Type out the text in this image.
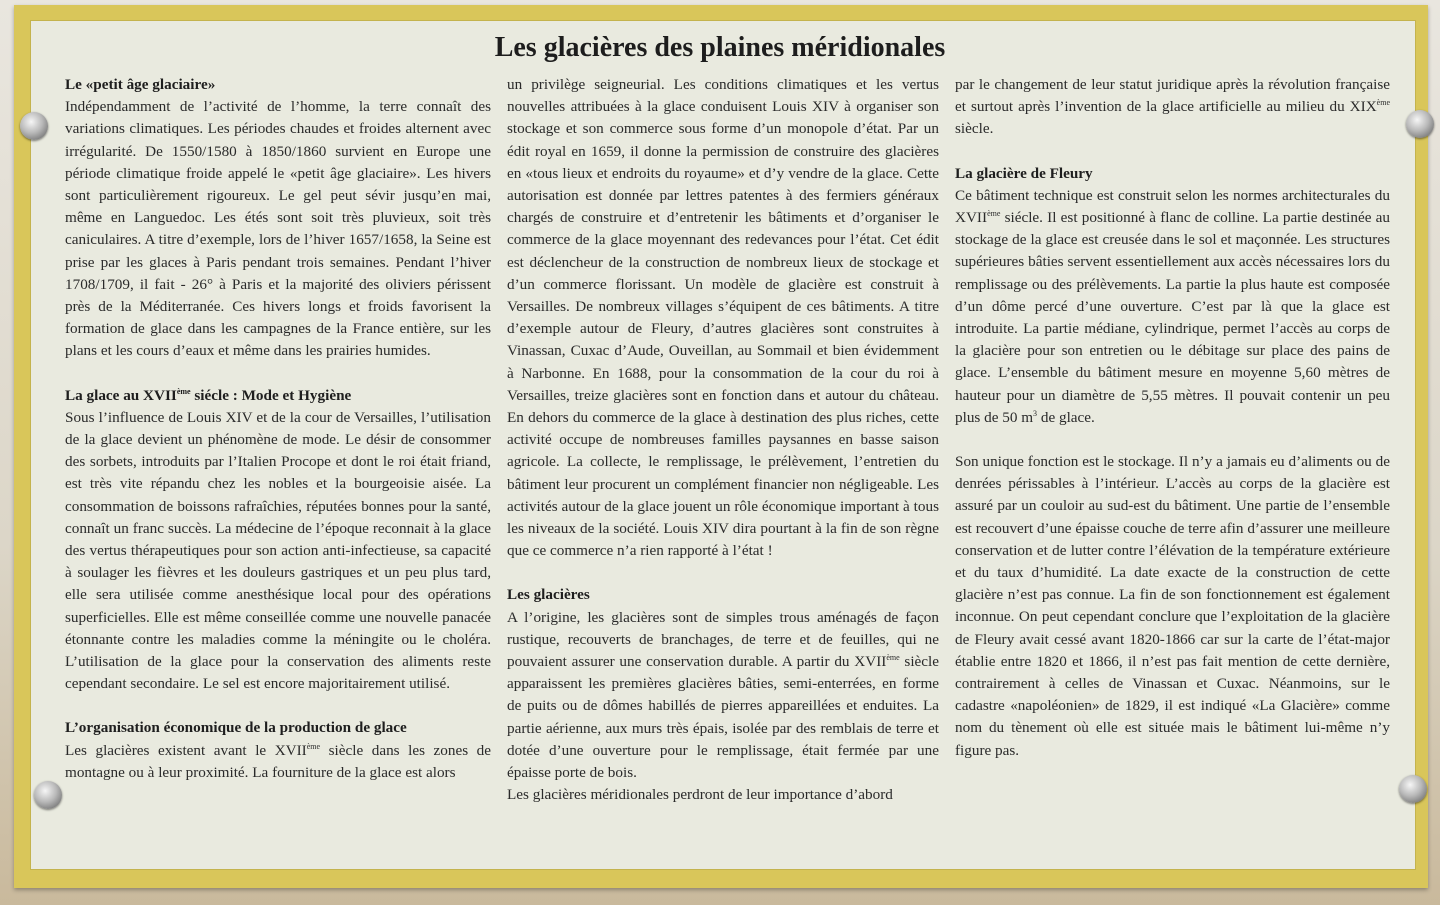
Les glacières des plaines méridionales
Le «petit âge glaciaire»

Indépendamment de l’activité de l’homme, la terre connaît des variations climatiques. Les périodes chaudes et froides alternent avec irrégularité. De 1550/1580 à 1850/1860 survient en Europe une période climatique froide appelé le «petit âge glaciaire». Les hivers sont particulièrement rigoureux. Le gel peut sévir jusqu’en mai, même en Languedoc. Les étés sont soit très pluvieux, soit très caniculaires. A titre d’exemple, lors de l’hiver 1657/1658, la Seine est prise par les glaces à Paris pendant trois semaines. Pendant l’hiver 1708/1709, il fait - 26° à Paris et la majorité des oliviers périssent près de la Méditerranée. Ces hivers longs et froids favorisent la formation de glace dans les campagnes de la France entière, sur les plans et les cours d’eaux et même dans les prairies humides.

La glace au XVIIème siécle : Mode et Hygiène

Sous l’influence de Louis XIV et de la cour de Versailles, l’utilisation de la glace devient un phénomène de mode. Le désir de consommer des sorbets, introduits par l’Italien Procope et dont le roi était friand, est très vite répandu chez les nobles et la bourgeoisie aisée. La consommation de boissons rafraîchies, réputées bonnes pour la santé, connaît un franc succès. La médecine de l’époque reconnait à la glace des vertus thérapeutiques pour son action anti-infectieuse, sa capacité à soulager les fièvres et les douleurs gastriques et un peu plus tard, elle sera utilisée comme anesthésique local pour des opérations superficielles. Elle est même conseillée comme une nouvelle panacée étonnante contre les maladies comme la méningite ou le choléra. L’utilisation de la glace pour la conservation des aliments reste cependant secondaire. Le sel est encore majoritairement utilisé.

L’organisation économique de la production de glace

Les glacières existent avant le XVIIème siècle dans les zones de montagne ou à leur proximité. La fourniture de la glace est alors

un privilège seigneurial. Les conditions climatiques et les vertus nouvelles attribuées à la glace conduisent Louis XIV à organiser son stockage et son commerce sous forme d’un monopole d’état. Par un édit royal en 1659, il donne la permission de construire des glacières en «tous lieux et endroits du royaume» et d’y vendre de la glace. Cette autorisation est donnée par lettres patentes à des fermiers généraux chargés de construire et d’entretenir les bâtiments et d’organiser le commerce de la glace moyennant des redevances pour l’état. Cet édit est déclencheur de la construction de nombreux lieux de stockage et d’un commerce florissant. Un modèle de glacière est construit à Versailles. De nombreux villages s’équipent de ces bâtiments. A titre d’exemple autour de Fleury, d’autres glacières sont construites à Vinassan, Cuxac d’Aude, Ouveillan, au Sommail et bien évidemment à Narbonne. En 1688, pour la consommation de la cour du roi à Versailles, treize glacières sont en fonction dans et autour du château. En dehors du commerce de la glace à destination des plus riches, cette activité occupe de nombreuses familles paysannes en basse saison agricole. La collecte, le remplissage, le prélèvement, l’entretien du bâtiment leur procurent un complément financier non négligeable. Les activités autour de la glace jouent un rôle économique important à tous les niveaux de la société. Louis XIV dira pourtant à la fin de son règne que ce commerce n’a rien rapporté à l’état !

Les glacières

A l’origine, les glacières sont de simples trous aménagés de façon rustique, recouverts de branchages, de terre et de feuilles, qui ne pouvaient assurer une conservation durable. A partir du XVIIème siècle apparaissent les premières glacières bâties, semi-enterrées, en forme de puits ou de dômes habillés de pierres appareillées et enduites. La partie aérienne, aux murs très épais, isolée par des remblais de terre et dotée d’une ouverture pour le remplissage, était fermée par une épaisse porte de bois.

Les glacières méridionales perdront de leur importance d’abord

par le changement de leur statut juridique après la révolution française et surtout après l’invention de la glace artificielle au milieu du XIXème siècle.

La glacière de Fleury

Ce bâtiment technique est construit selon les normes architecturales du XVIIème siécle. Il est positionné à flanc de colline. La partie destinée au stockage de la glace est creusée dans le sol et maçonnée. Les structures supérieures bâties servent essentiellement aux accès nécessaires lors du remplissage ou des prélèvements. La partie la plus haute est composée d’un dôme percé d’une ouverture. C’est par là que la glace est introduite. La partie médiane, cylindrique, permet l’accès au corps de la glacière pour son entretien ou le débitage sur place des pains de glace. L’ensemble du bâtiment mesure en moyenne 5,60 mètres de hauteur pour un diamètre de 5,55 mètres. Il pouvait contenir un peu plus de 50 $m^3$ de glace.

Son unique fonction est le stockage. Il n’y a jamais eu d’aliments ou de denrées périssables à l’intérieur. L’accès au corps de la glacière est assuré par un couloir au sud-est du bâtiment. Une partie de l’ensemble est recouvert d’une épaisse couche de terre afin d’assurer une meilleure conservation et de lutter contre l’élévation de la température extérieure et du taux d’humidité. La date exacte de la construction de cette glacière n’est pas connue. La fin de son fonctionnement est également inconnue. On peut cependant conclure que l’exploitation de la glacière de Fleury avait cessé avant 1820-1866 car sur la carte de l’état-major établie entre 1820 et 1866, il n’est pas fait mention de cette dernière, contrairement à celles de Vinassan et Cuxac. Néanmoins, sur le cadastre «napoléonien» de 1829, il est indiqué «La Glacière» comme nom du tènement où elle est située mais le bâtiment lui-même n’y figure pas.
